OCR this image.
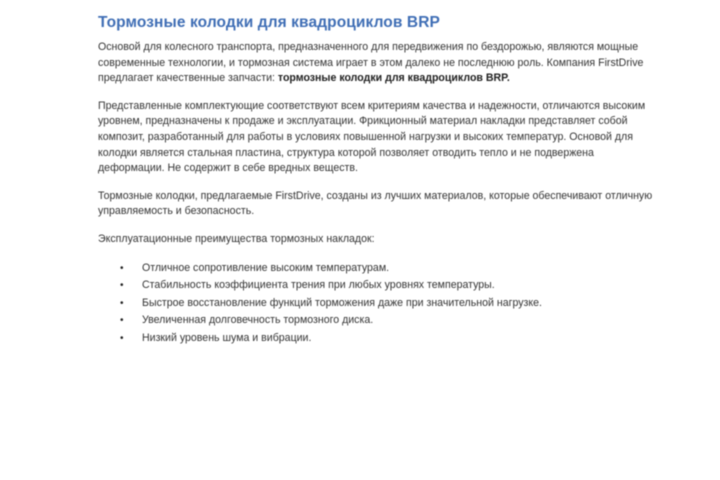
Тормозные колодки для квадроциклов BRP

Основой для колесного транспорта, предназначенного для передвижения по бездорожью, являются мощные современные технологии, и тормозная система играет в этом далеко не последнюю роль. Компания FirstDrive предлагает качественные запчасти: тормозные колодки для квадроциклов BRP.

Представленные комплектующие соответствуют всем критериям качества и надежности, отличаются высоким уровнем, предназначены к продаже и эксплуатации. Фрикционный материал накладки представляет собой композит, разработанный для работы в условиях повышенной нагрузки и высоких температур. Основой для колодки является стальная пластина, структура которой позволяет отводить тепло и не подвержена деформации. Не содержит в себе вредных веществ.

Тормозные колодки, предлагаемые FirstDrive, созданы из лучших материалов, которые обеспечивают отличную управляемость и безопасность.

Эксплуатационные преимущества тормозных накладок:

•	Отличное сопротивление высоким температурам.
•	Стабильность коэффициента трения при любых уровнях температуры.
•	Быстрое восстановление функций торможения даже при значительной нагрузке.
•	Увеличенная долговечность тормозного диска.
•	Низкий уровень шума и вибрации.
